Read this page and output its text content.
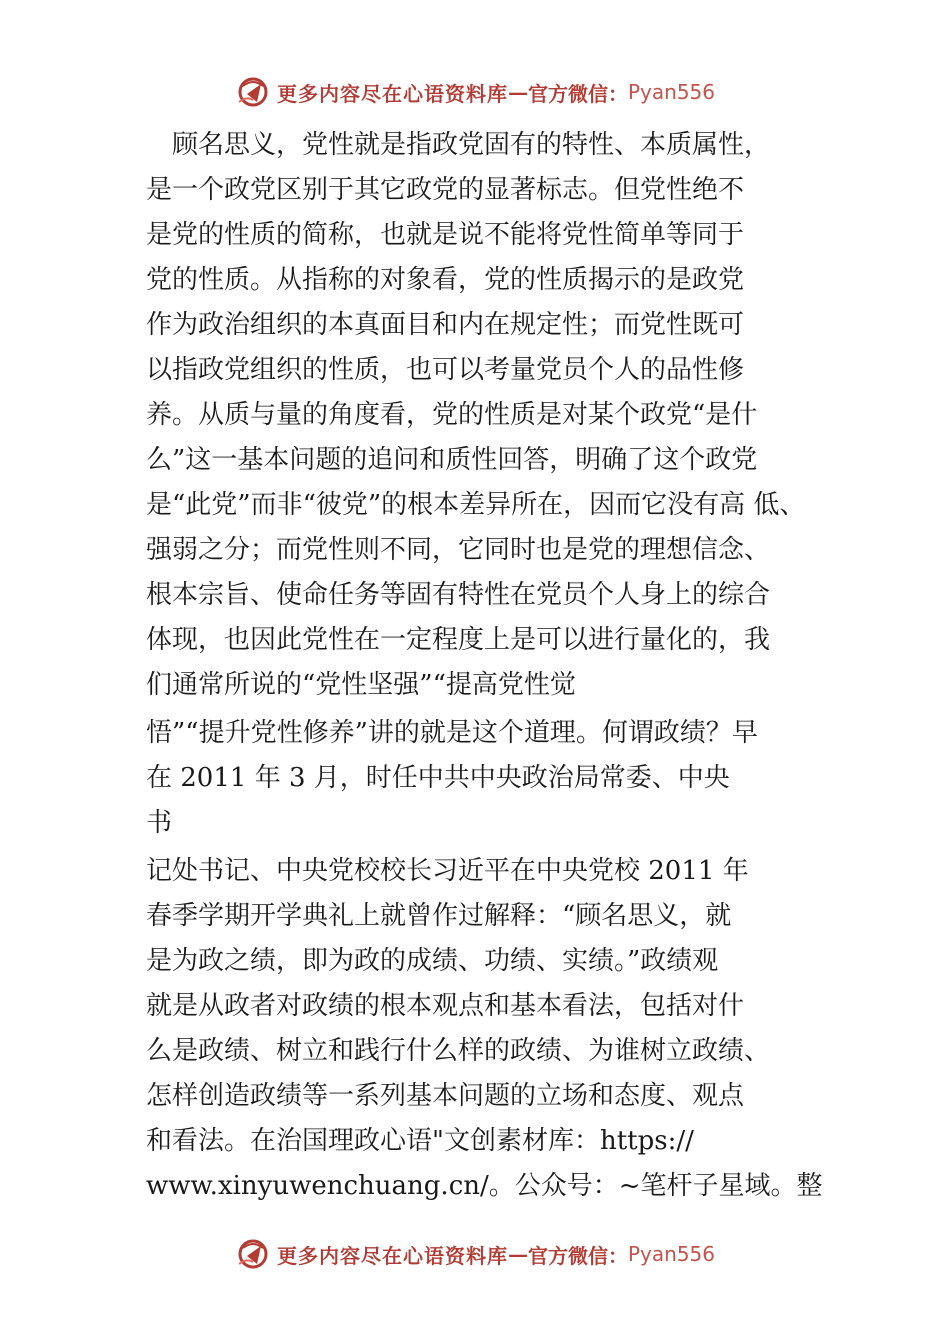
更多内容尽在心语资料库 — 官方微信： Pyan556
　顾名思义，党性就是指政党固有的特性、本质属性，
是一个政党区别于其它政党的显著标志。但党性绝不
是党的性质的简称，也就是说不能将党性简单等同于
党的性质。从指称的对象看，党的性质揭示的是政党
作为政治组织的本真面目和内在规定性；而党性既可
以指政党组织的性质，也可以考量党员个人的品性修
养。从质与量的角度看，党的性质是对某个政党“是什
么”这一基本问题的追问和质性回答，明确了这个政党
是“此党”而非“彼党”的根本差异所在，因而它没有高 低、
强弱之分；而党性则不同，它同时也是党的理想信念、
根本宗旨、使命任务等固有特性在党员个人身上的综合
体现，也因此党性在一定程度上是可以进行量化的，我
们通常所说的“党性坚强”“提高党性觉
悟”“提升党性修养”讲的就是这个道理。何谓政绩？早
在 2011 年 3 月，时任中共中央政治局常委、中央
书
记处书记、中央党校校长习近平在中央党校 2011 年
春季学期开学典礼上就曾作过解释：“顾名思义，就
是为政之绩，即为政的成绩、功绩、实绩。”政绩观
就是从政者对政绩的根本观点和基本看法，包括对什
么是政绩、树立和践行什么样的政绩、为谁树立政绩、
怎样创造政绩等一系列基本问题的立场和态度、观点
和看法。在治国理政心语"文创素材库：https://
www.xinyuwenchuang.cn/。公众号：~笔杆子星域。整
更多内容尽在心语资料库 — 官方微信： Pyan556
